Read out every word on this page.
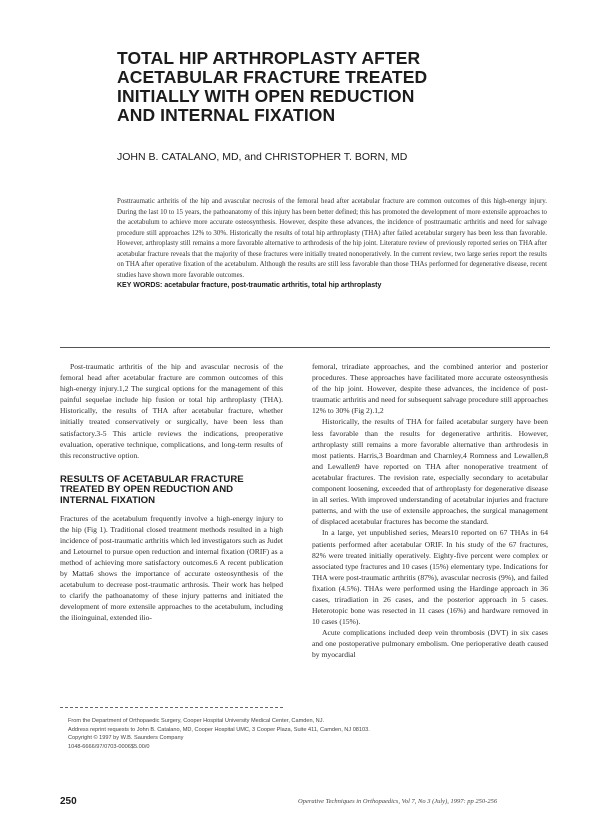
TOTAL HIP ARTHROPLASTY AFTER
ACETABULAR FRACTURE TREATED
INITIALLY WITH OPEN REDUCTION
AND INTERNAL FIXATION

JOHN B. CATALANO, MD, and CHRISTOPHER T. BORN, MD

Posttraumatic arthritis of the hip and avascular necrosis of the femoral head after acetabular fracture are common outcomes of this high-energy injury. During the last 10 to 15 years, the pathoanatomy of this injury has been better defined; this has promoted the development of more extensile approaches to the acetabulum to achieve more accurate osteosynthesis. However, despite these advances, the incidence of posttraumatic arthritis and need for salvage procedure still approaches 12% to 30%. Historically the results of total hip arthroplasty (THA) after failed acetabular surgery has been less than favorable. However, arthroplasty still remains a more favorable alternative to arthrodesis of the hip joint. Literature review of previously reported series on THA after acetabular fracture reveals that the majority of these fractures were initially treated nonoperatively. In the current review, two large series report the results on THA after operative fixation of the acetabulum. Although the results are still less favorable than those THAs performed for degenerative disease, recent studies have shown more favorable outcomes.

KEY WORDS: acetabular fracture, post-traumatic arthritis, total hip arthroplasty

Post-traumatic arthritis of the hip and avascular necrosis of the femoral head after acetabular fracture are common outcomes of this high-energy injury.1,2 The surgical options for the management of this painful sequelae include hip fusion or total hip arthroplasty (THA). Historically, the results of THA after acetabular fracture, whether initially treated conservatively or surgically, have been less than satisfactory.3-5 This article reviews the indications, preoperative evaluation, operative technique, complications, and long-term results of this reconstructive option.

RESULTS OF ACETABULAR FRACTURE
TREATED BY OPEN REDUCTION AND
INTERNAL FIXATION

Fractures of the acetabulum frequently involve a high-energy injury to the hip (Fig 1). Traditional closed treatment methods resulted in a high incidence of post-traumatic arthritis which led investigators such as Judet and Letournel to pursue open reduction and internal fixation (ORIF) as a method of achieving more satisfactory outcomes.6 A recent publication by Matta6 shows the importance of accurate osteosynthesis of the acetabulum to decrease post-traumatic arthrosis. Their work has helped to clarify the pathoanatomy of these injury patterns and initiated the development of more extensile approaches to the acetabulum, including the ilioinguinal, extended ilio-

femoral, triradiate approaches, and the combined anterior and posterior procedures. These approaches have facilitated more accurate osteosynthesis of the hip joint. However, despite these advances, the incidence of post-traumatic arthritis and need for subsequent salvage procedure still approaches 12% to 30% (Fig 2).1,2

Historically, the results of THA for failed acetabular surgery have been less favorable than the results for degenerative arthritis. However, arthroplasty still remains a more favorable alternative than arthrodesis in most patients. Harris,3 Boardman and Charnley,4 Romness and Lewallen,8 and Lewallen9 have reported on THA after nonoperative treatment of acetabular fractures. The revision rate, especially secondary to acetabular component loosening, exceeded that of arthroplasty for degenerative disease in all series. With improved understanding of acetabular injuries and fracture patterns, and with the use of extensile approaches, the surgical management of displaced acetabular fractures has become the standard.

In a large, yet unpublished series, Mears10 reported on 67 THAs in 64 patients performed after acetabular ORIF. In his study of the 67 fractures, 82% were treated initially operatively. Eighty-five percent were complex or associated type fractures and 10 cases (15%) elementary type. Indications for THA were post-traumatic arthritis (87%), avascular necrosis (9%), and failed fixation (4.5%). THAs were performed using the Hardinge approach in 36 cases, triradiation in 26 cases, and the posterior approach in 5 cases. Heterotopic bone was resected in 11 cases (16%) and hardware removed in 10 cases (15%).

Acute complications included deep vein thrombosis (DVT) in six cases and one postoperative pulmonary embolism. One perioperative death caused by myocardial

From the Department of Orthopaedic Surgery, Cooper Hospital University Medical Center, Camden, NJ.
Address reprint requests to John B. Catalano, MD, Cooper Hospital UMC, 3 Cooper Plaza, Suite 411, Camden, NJ 08103.
Copyright © 1997 by W.B. Saunders Company
1048-6666/97/0703-0006$5.00/0
250	Operative Techniques in Orthopaedics, Vol 7, No 3 (July), 1997: pp 250-256
